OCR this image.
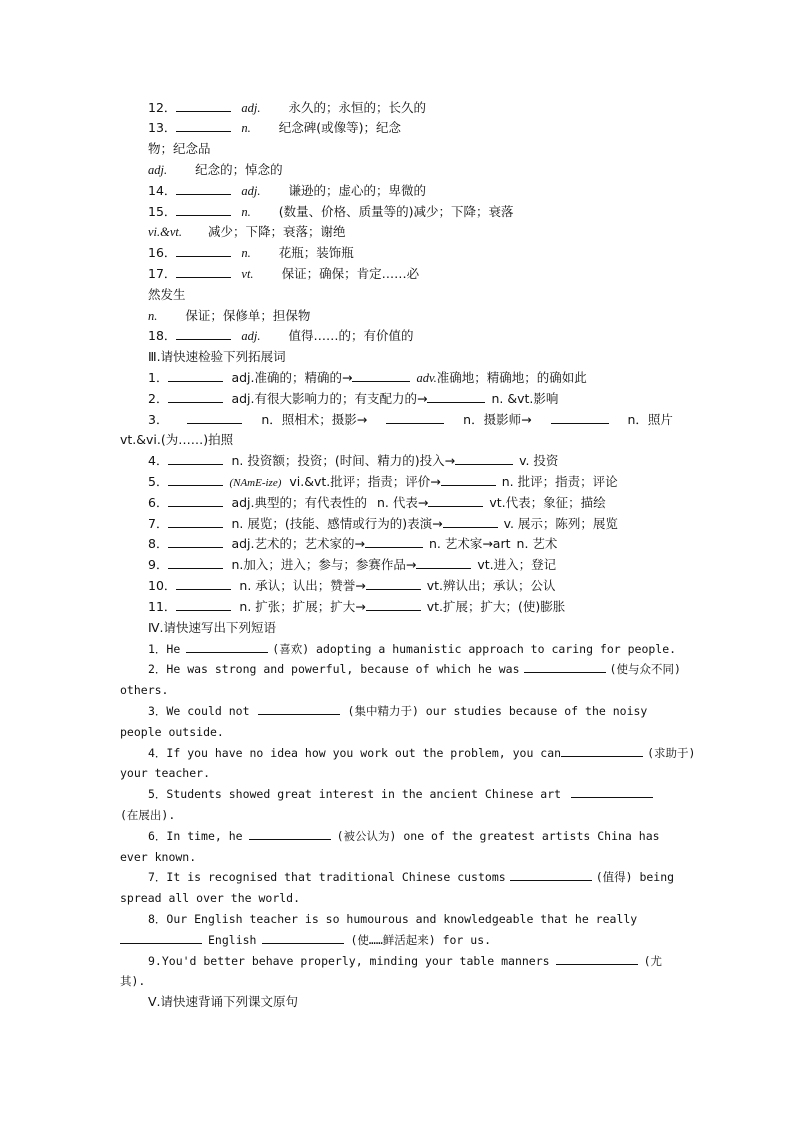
12．	adj. 永久的；永恒的；长久的
13．	n. 纪念碑(或像等)；纪念
物；纪念品
adj. 纪念的；悼念的
14．	adj. 谦逊的；虚心的；卑微的
15．	n. (数量、价格、质量等的)减少；下降；衰落
vi.&vt. 减少；下降；衰落；谢绝
16．	n. 花瓶；装饰瓶
17．	vt. 保证；确保；肯定……必
然发生
n. 保证；保修单；担保物
18．	adj. 值得……的；有价值的
Ⅲ.请快速检验下列拓展词
1．	adj.准确的；精确的→	adv.准确地；精确地；的确如此
2．	adj.有很大影响力的；有支配力的→	n. &vt.影响
3．	n．照相术；摄影→	n．摄影师→	n．照片
vt.&vi.(为……)拍照
4．	n. 投资额；投资；(时间、精力的)投入→	v. 投资
5．	(NAmE-ize) vi.&vt.批评；指责；评价→	n. 批评；指责；评论
6．	adj.典型的；有代表性的 n. 代表→	vt.代表；象征；描绘
7．	n. 展览；(技能、感情或行为的)表演→	v. 展示；陈列；展览
8．	adj.艺术的；艺术家的→	n. 艺术家→art n. 艺术
9．	n.加入；进入；参与；参赛作品→	vt.进入；登记
10．	n. 承认；认出；赞誉→	vt.辨认出；承认；公认
11．	n. 扩张；扩展；扩大→	vt.扩展；扩大；(使)膨胀
Ⅳ.请快速写出下列短语
1．He	(喜欢) adopting a humanistic approach to caring for people.
2．He was strong and powerful, because of which he was	(使与众不同)
others.
3．We could not	(集中精力于) our studies because of the noisy
people outside.
4．If you have no idea how you work out the problem, you can	(求助于)
your teacher.
5．Students showed great interest in the ancient Chinese art
(在展出).
6．In time, he	(被公认为) one of the greatest artists China has
ever known.
7．It is recognised that traditional Chinese customs	(值得) being
spread all over the world.
8．Our English teacher is so humourous and knowledgeable that he really
English	(使……鲜活起来) for us.
9.You'd better behave properly, minding your table manners	(尤
其).
Ⅴ.请快速背诵下列课文原句
